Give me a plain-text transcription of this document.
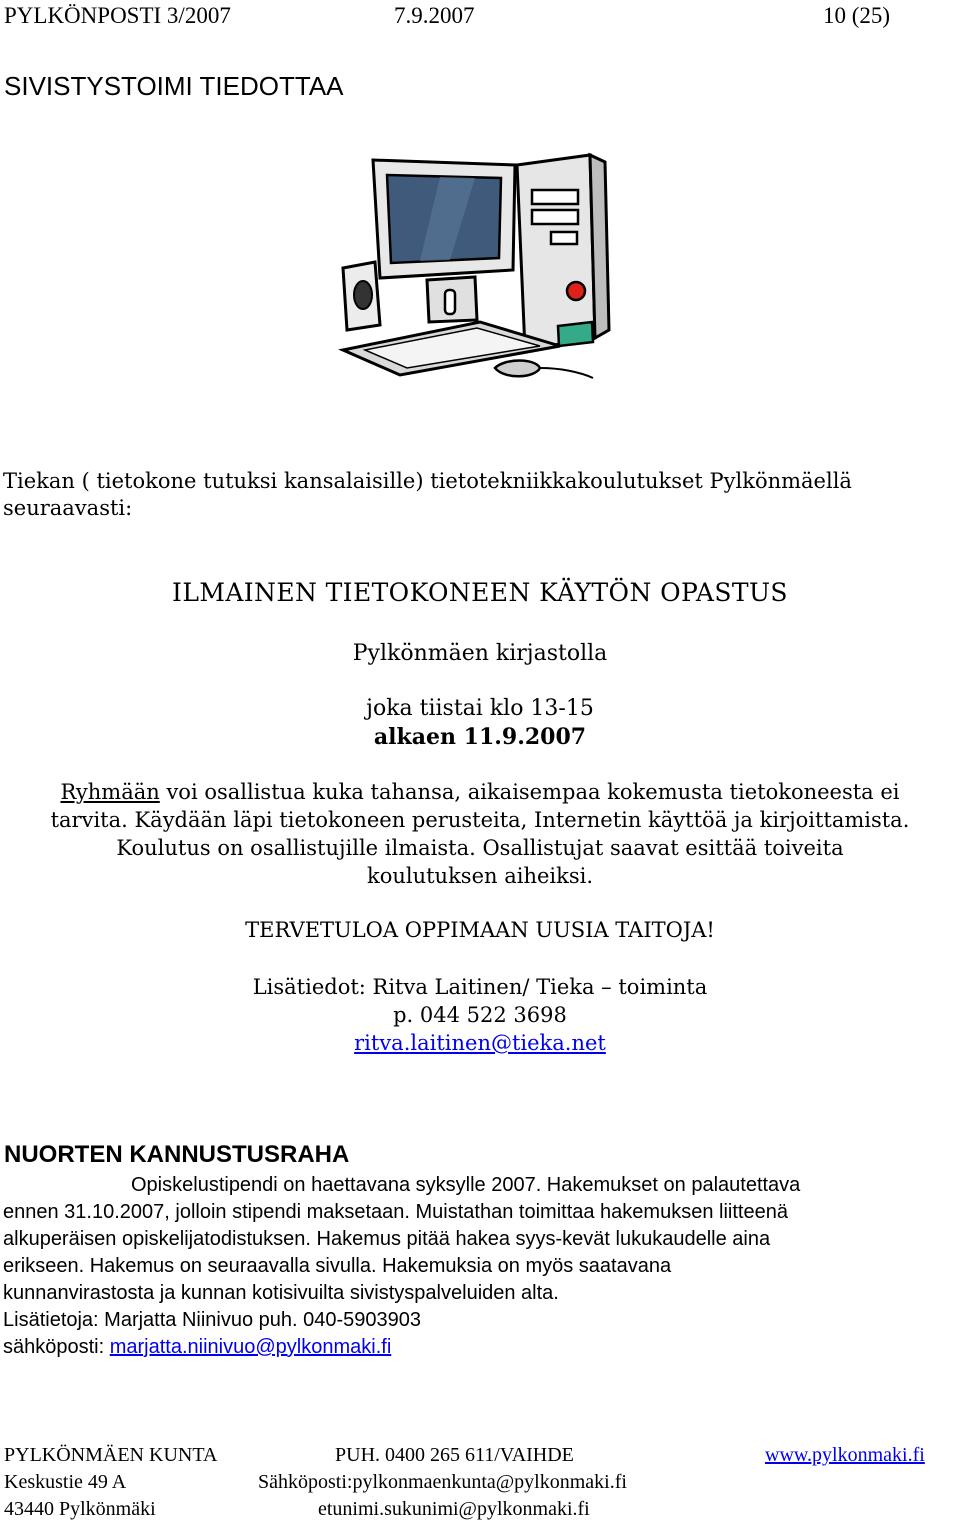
PYLKÖNPOSTI 3/2007	7.9.2007	10 (25)
SIVISTYSTOIMI TIEDOTTAA
Tiekan ( tietokone tutuksi kansalaisille) tietotekniikkakoulutukset Pylkönmäellä
seuraavasti:
ILMAINEN TIETOKONEEN KÄYTÖN OPASTUS
Pylkönmäen kirjastolla
joka tiistai klo 13-15
alkaen 11.9.2007
Ryhmään voi osallistua kuka tahansa, aikaisempaa kokemusta tietokoneesta ei
tarvita. Käydään läpi tietokoneen perusteita, Internetin käyttöä ja kirjoittamista.
Koulutus on osallistujille ilmaista. Osallistujat saavat esittää toiveita
koulutuksen aiheiksi.
TERVETULOA OPPIMAAN UUSIA TAITOJA!
Lisätiedot: Ritva Laitinen/ Tieka – toiminta
p. 044 522 3698
ritva.laitinen@tieka.net
NUORTEN KANNUSTUSRAHA
Opiskelustipendi on haettavana syksylle 2007. Hakemukset on palautettava
ennen 31.10.2007, jolloin stipendi maksetaan. Muistathan toimittaa hakemuksen liitteenä
alkuperäisen opiskelijatodistuksen. Hakemus pitää hakea syys-kevät lukukaudelle aina
erikseen. Hakemus on seuraavalla sivulla. Hakemuksia on myös saatavana
kunnanvirastosta ja kunnan kotisivuilta sivistyspalveluiden alta.
Lisätietoja: Marjatta Niinivuo puh. 040-5903903
sähköposti: marjatta.niinivuo@pylkonmaki.fi
PYLKÖNMÄEN KUNTA	PUH. 0400 265 611/VAIHDE	www.pylkonmaki.fi
Keskustie 49 A	Sähköposti:pylkonmaenkunta@pylkonmaki.fi
43440 Pylkönmäki	etunimi.sukunimi@pylkonmaki.fi
